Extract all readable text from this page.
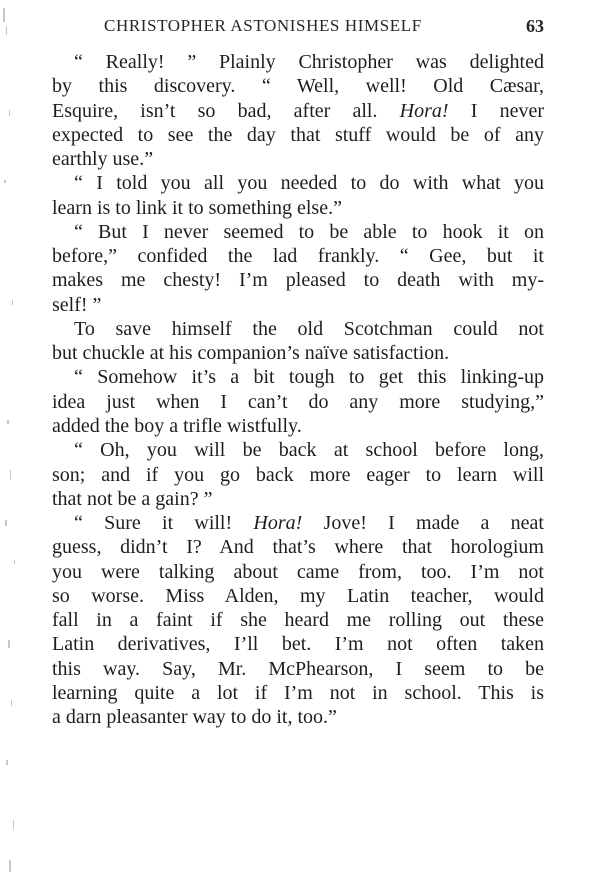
CHRISTOPHER ASTONISHES HIMSELF	63
“ Really! ” Plainly Christopher was delighted
by this discovery. “ Well, well! Old Cæsar,
Esquire, isn’t so bad, after all. Hora! I never
expected to see the day that stuff would be of any
earthly use.”
“ I told you all you needed to do with what you
learn is to link it to something else.”
“ But I never seemed to be able to hook it on
before,” confided the lad frankly. “ Gee, but it
makes me chesty! I’m pleased to death with my-
self! ”
To save himself the old Scotchman could not
but chuckle at his companion’s naïve satisfaction.
“ Somehow it’s a bit tough to get this linking-up
idea just when I can’t do any more studying,”
added the boy a trifle wistfully.
“ Oh, you will be back at school before long,
son; and if you go back more eager to learn will
that not be a gain? ”
“ Sure it will! Hora! Jove! I made a neat
guess, didn’t I? And that’s where that horologium
you were talking about came from, too. I’m not
so worse. Miss Alden, my Latin teacher, would
fall in a faint if she heard me rolling out these
Latin derivatives, I’ll bet. I’m not often taken
this way. Say, Mr. McPhearson, I seem to be
learning quite a lot if I’m not in school. This is
a darn pleasanter way to do it, too.”
